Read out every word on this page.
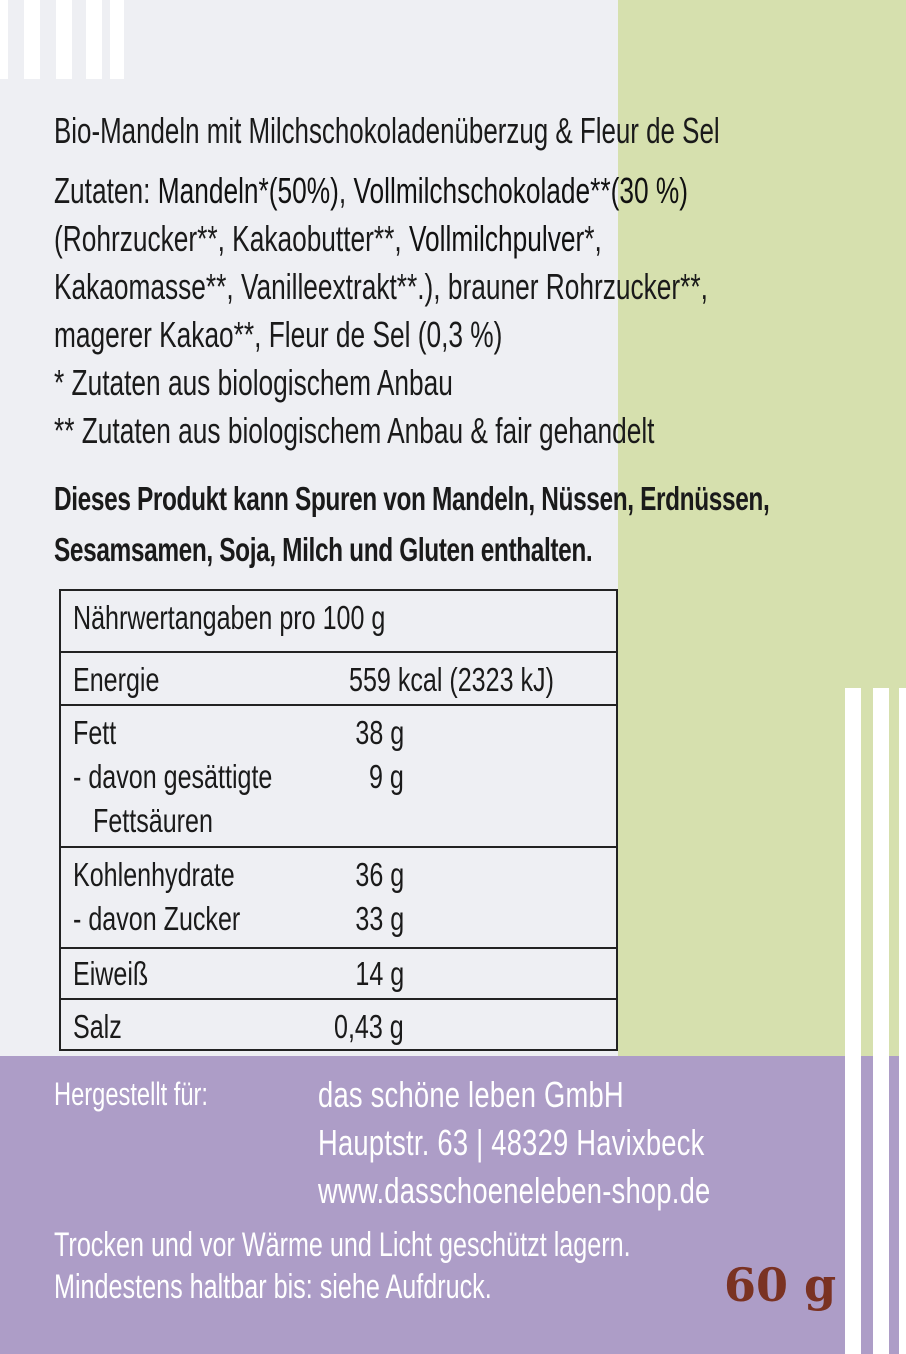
Bio-Mandeln mit Milchschokoladenüberzug & Fleur de Sel
Zutaten: Mandeln*(50%), Vollmilchschokolade**(30 %)
(Rohrzucker**, Kakaobutter**, Vollmilchpulver*,
Kakaomasse**, Vanilleextrakt**.), brauner Rohrzucker**,
magerer Kakao**, Fleur de Sel (0,3 %)
* Zutaten aus biologischem Anbau
** Zutaten aus biologischem Anbau & fair gehandelt
Dieses Produkt kann Spuren von Mandeln, Nüssen, Erdnüssen,
Sesamsamen, Soja, Milch und Gluten enthalten.
Nährwertangaben pro 100 g

Energie	559 kcal (2323 kJ)

Fett	38 g
- davon gesättigte	9 g
Fettsäuren

Kohlenhydrate	36 g
- davon Zucker	33 g

Eiweiß	14 g

Salz	0,43 g
Hergestellt für:	das schöne leben GmbH
Hauptstr. 63 | 48329 Havixbeck
www.dasschoeneleben-shop.de
Trocken und vor Wärme und Licht geschützt lagern.
Mindestens haltbar bis: siehe Aufdruck.	60 g
